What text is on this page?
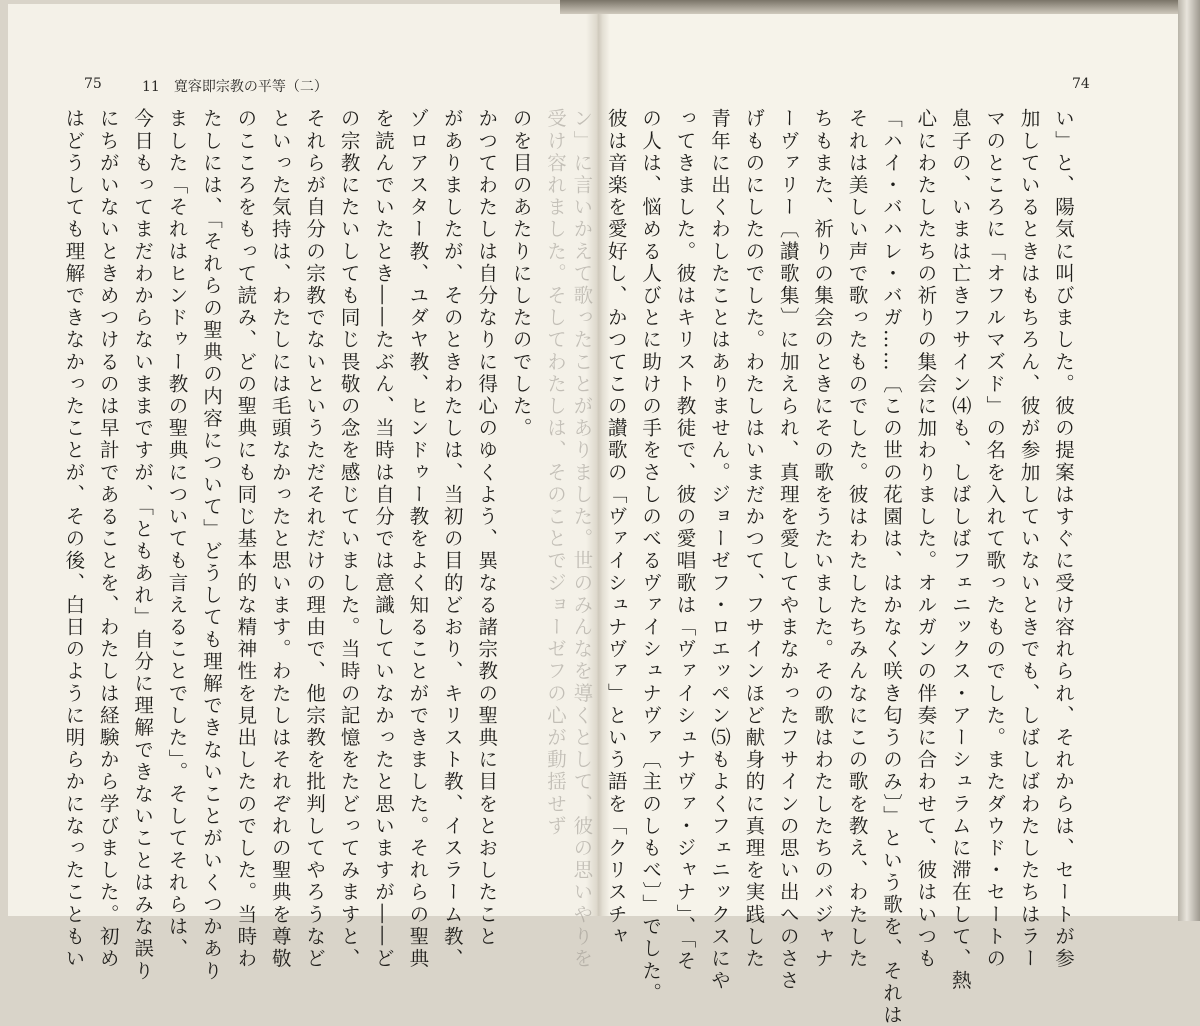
75	11　寛容即宗教の平等（二）	74
い」と、陽気に叫びました。彼の提案はすぐに受け容れられ、それからは、セートが参
加しているときはもちろん、彼が参加していないときでも、しばしばわたしたちはラー
マのところに「オフルマズド」の名を入れて歌ったものでした。またダウド・セートの
息子の、いまは亡きフサイン⑷も、しばしばフェニックス・アーシュラムに滞在して、熱
心にわたしたちの祈りの集会に加わりました。オルガンの伴奏に合わせて、彼はいつも
「ハイ・バハレ・バガ……〔この世の花園は、はかなく咲き匂うのみ〕」という歌を、それは
それは美しい声で歌ったものでした。彼はわたしたちみんなにこの歌を教え、わたした
ちもまた、祈りの集会のときにその歌をうたいました。その歌はわたしたちのバジャナ
ーヴァリー〔讃歌集〕に加えられ、真理を愛してやまなかったフサインの思い出へのささ
げものにしたのでした。わたしはいまだかつて、フサインほど献身的に真理を実践した
青年に出くわしたことはありません。ジョーゼフ・ロエッペン⑸もよくフェニックスにや
ってきました。彼はキリスト教徒で、彼の愛唱歌は「ヴァイシュナヴァ・ジャナ」、「そ
の人は、悩める人びとに助けの手をさしのべるヴァイシュナヴァ〔主のしもべ〕」でした。
彼は音楽を愛好し、かつてこの讃歌の「ヴァイシュナヴァ」という語を「クリスチャ
ン」に言いかえて歌ったことがありました。世のみんなを導くとして、彼の思いやりを
受け容れました。そしてわたしは、そのことでジョーゼフの心が動揺せず
のを目のあたりにしたのでした。
かつてわたしは自分なりに得心のゆくよう、異なる諸宗教の聖典に目をとおしたこと
がありましたが、そのときわたしは、当初の目的どおり、キリスト教、イスラーム教、
ゾロアスター教、ユダヤ教、ヒンドゥー教をよく知ることができました。それらの聖典
を読んでいたとき――たぶん、当時は自分では意識していなかったと思いますが――ど
の宗教にたいしても同じ畏敬の念を感じていました。当時の記憶をたどってみますと、
それらが自分の宗教でないというただそれだけの理由で、他宗教を批判してやろうなど
といった気持は、わたしには毛頭なかったと思います。わたしはそれぞれの聖典を尊敬
のこころをもって読み、どの聖典にも同じ基本的な精神性を見出したのでした。当時わ
たしには、「それらの聖典の内容について」どうしても理解できないことがいくつかあり
ました「それはヒンドゥー教の聖典についても言えることでした」。そしてそれらは、
今日もってまだわからないままですが、「ともあれ」自分に理解できないことはみな誤り
にちがいないときめつけるのは早計であることを、わたしは経験から学びました。初め
はどうしても理解できなかったことが、その後、白日のように明らかになったこともい
